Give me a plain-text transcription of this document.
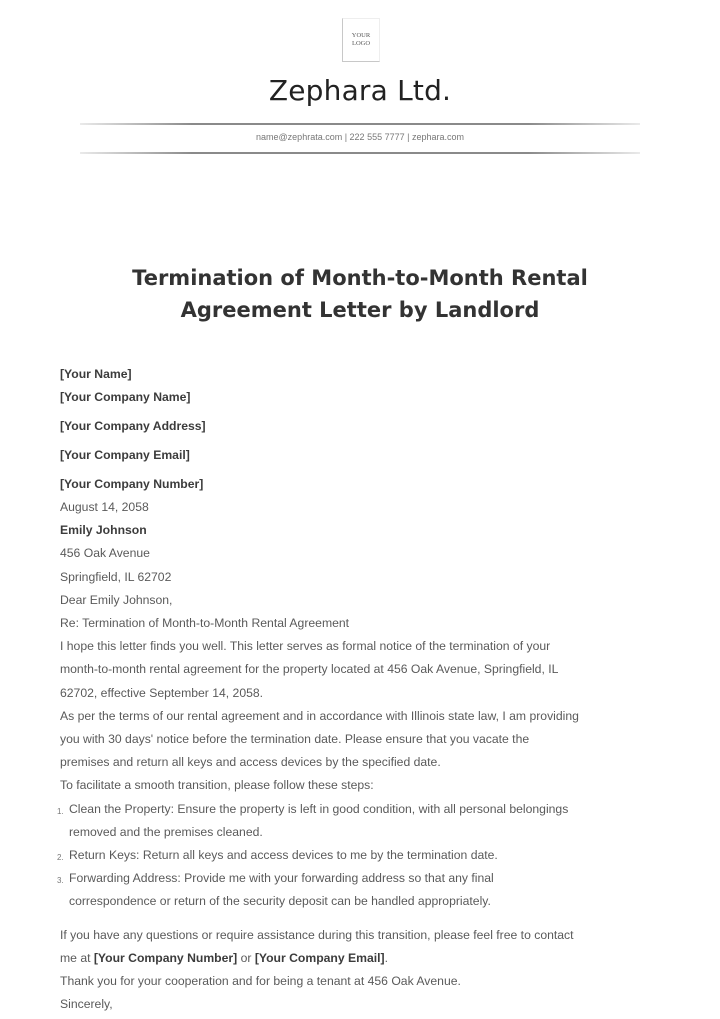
YOUR
LOGO
Zephara Ltd.
name@zephrata.com | 222 555 7777 | zephara.com
Termination of Month-to-Month Rental
Agreement Letter by Landlord
[Your Name]
[Your Company Name]
[Your Company Address]
[Your Company Email]
[Your Company Number]
August 14, 2058
Emily Johnson
456 Oak Avenue
Springfield, IL 62702
Dear Emily Johnson,
Re: Termination of Month-to-Month Rental Agreement
I hope this letter finds you well. This letter serves as formal notice of the termination of your
month-to-month rental agreement for the property located at 456 Oak Avenue, Springfield, IL
62702, effective September 14, 2058.
As per the terms of our rental agreement and in accordance with Illinois state law, I am providing
you with 30 days' notice before the termination date. Please ensure that you vacate the
premises and return all keys and access devices by the specified date.
To facilitate a smooth transition, please follow these steps:
1. Clean the Property: Ensure the property is left in good condition, with all personal belongings
removed and the premises cleaned.
2. Return Keys: Return all keys and access devices to me by the termination date.
3. Forwarding Address: Provide me with your forwarding address so that any final
correspondence or return of the security deposit can be handled appropriately.
If you have any questions or require assistance during this transition, please feel free to contact
me at [Your Company Number] or [Your Company Email].
Thank you for your cooperation and for being a tenant at 456 Oak Avenue.
Sincerely,
